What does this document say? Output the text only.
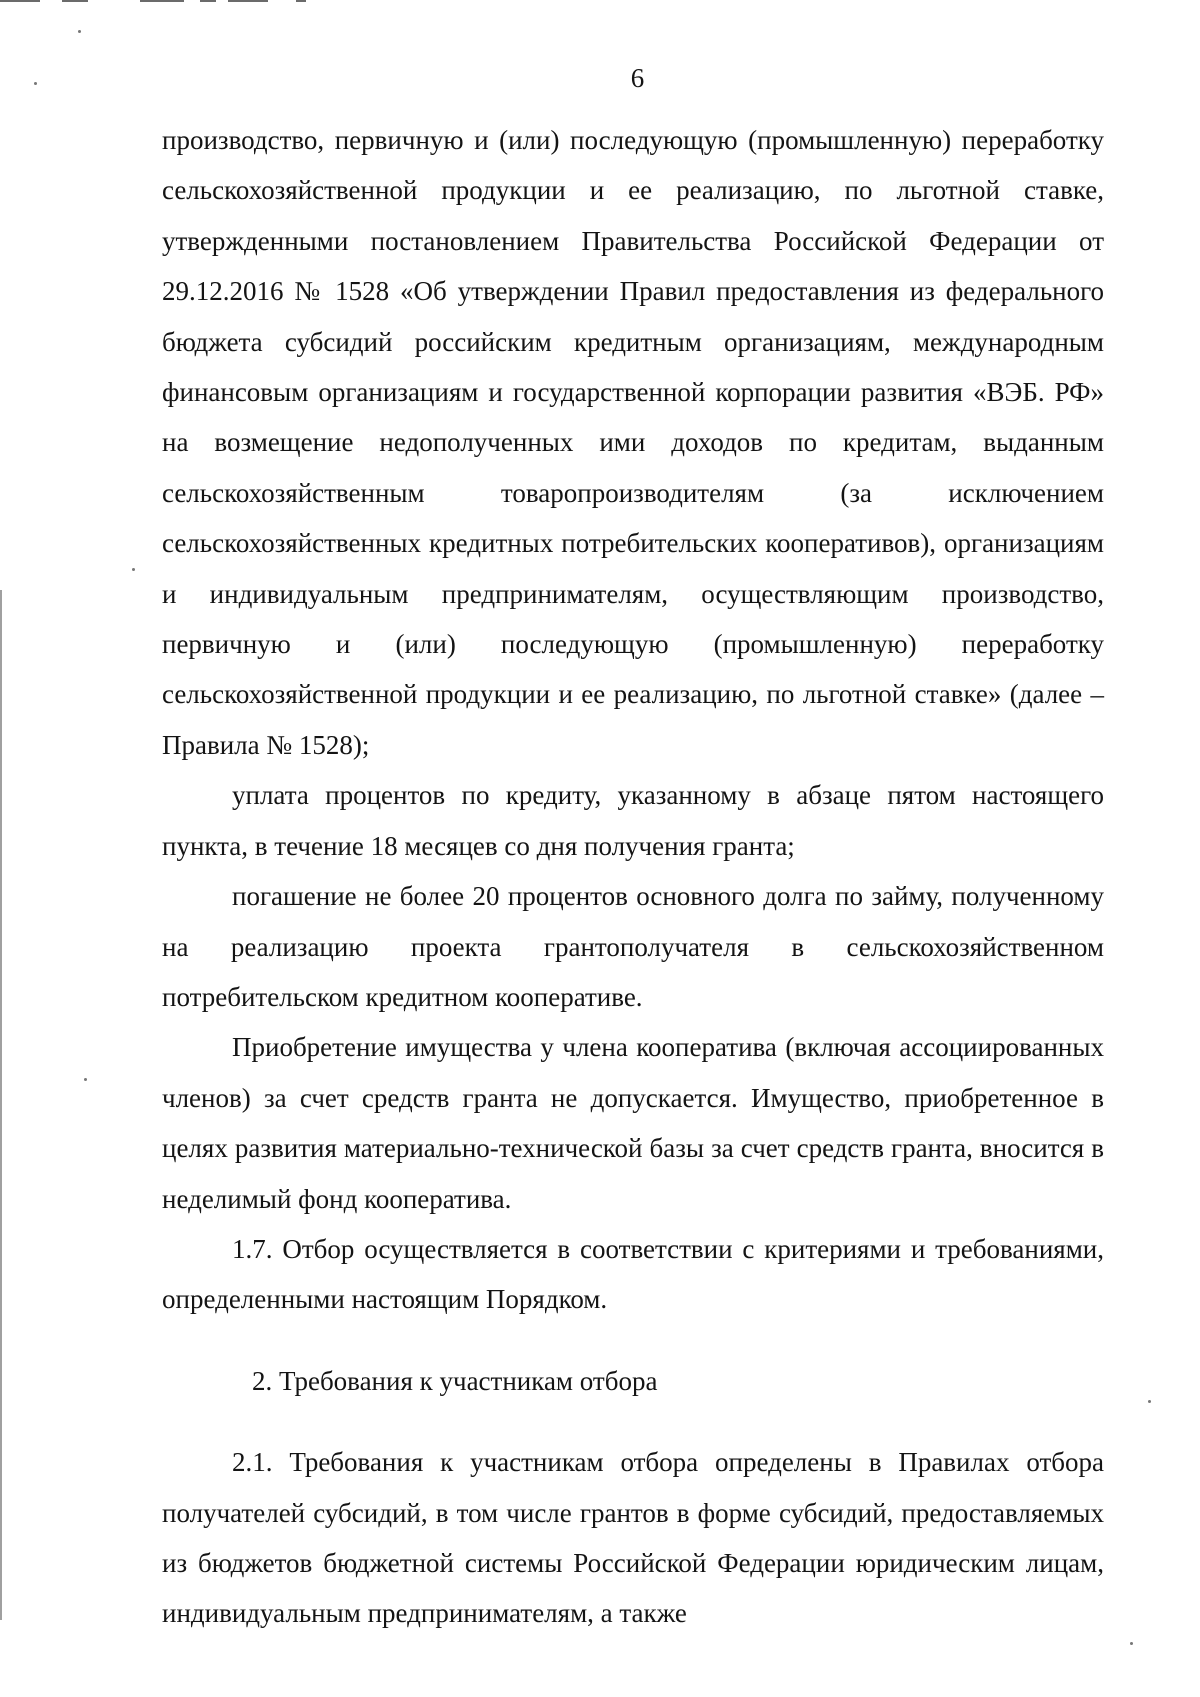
6

производство, первичную и (или) последующую (промышленную) переработку сельскохозяйственной продукции и ее реализацию, по льготной ставке, утвержденными постановлением Правительства Российской Федерации от 29.12.2016 № 1528 «Об утверждении Правил предоставления из федерального бюджета субсидий российским кредитным организациям, международным финансовым организациям и государственной корпорации развития «ВЭБ. РФ» на возмещение недополученных ими доходов по кредитам, выданным сельскохозяйственным товаропроизводителям (за исключением сельскохозяйственных кредитных потребительских кооперативов), организациям и индивидуальным предпринимателям, осуществляющим производство, первичную и (или) последующую (промышленную) переработку сельскохозяйственной продукции и ее реализацию, по льготной ставке» (далее – Правила № 1528);

уплата процентов по кредиту, указанному в абзаце пятом настоящего пункта, в течение 18 месяцев со дня получения гранта;

погашение не более 20 процентов основного долга по займу, полученному на реализацию проекта грантополучателя в сельскохозяйственном потребительском кредитном кооперативе.

Приобретение имущества у члена кооператива (включая ассоциированных членов) за счет средств гранта не допускается. Имущество, приобретенное в целях развития материально-технической базы за счет средств гранта, вносится в неделимый фонд кооператива.

1.7. Отбор осуществляется в соответствии с критериями и требованиями, определенными настоящим Порядком.

2. Требования к участникам отбора

2.1. Требования к участникам отбора определены в Правилах отбора получателей субсидий, в том числе грантов в форме субсидий, предоставляемых из бюджетов бюджетной системы Российской Федерации юридическим лицам, индивидуальным предпринимателям, а также
